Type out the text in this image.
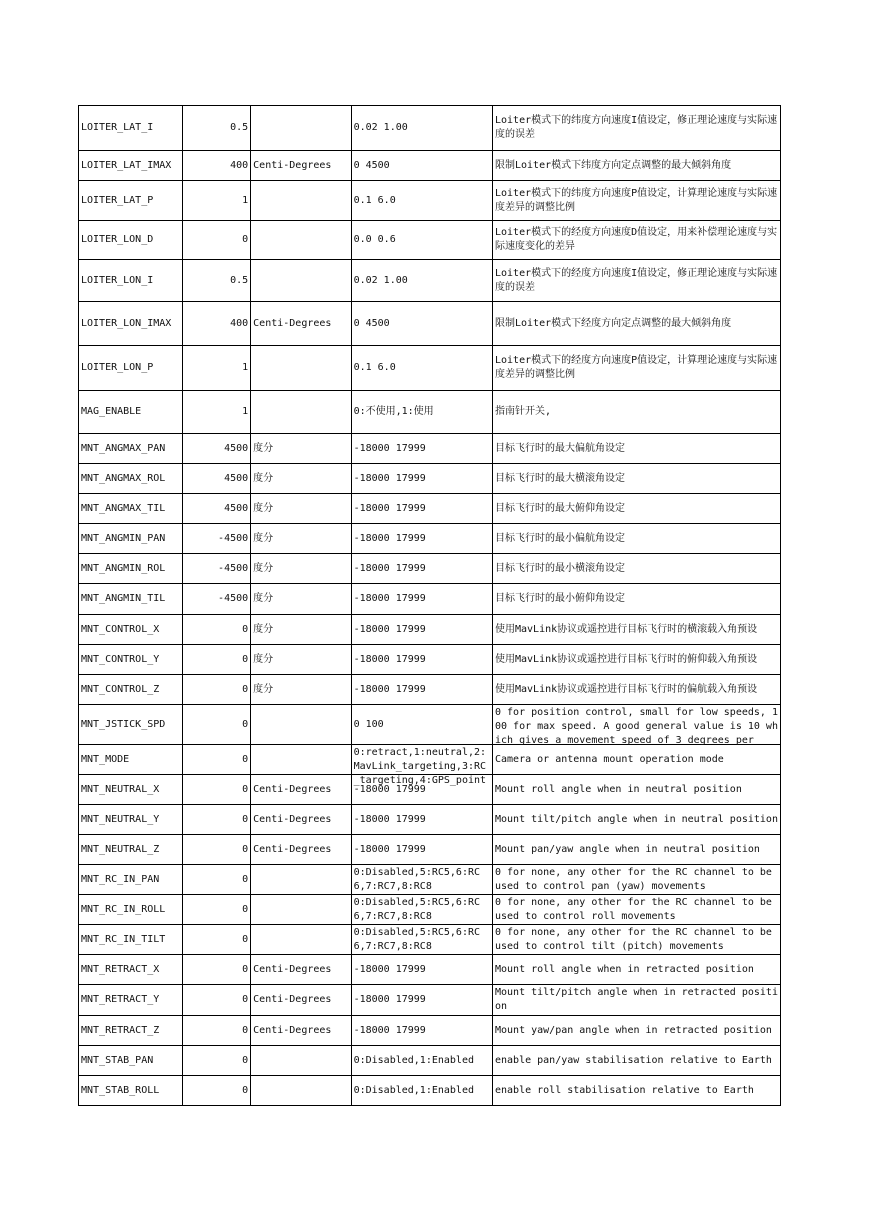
LOITER_LAT_I	0.5		0.02 1.00	Loiter模式下的纬度方向速度I值设定，修正理论速度与实际速度的误差

LOITER_LAT_IMAX	400	Centi-Degrees	0 4500	限制Loiter模式下纬度方向定点调整的最大倾斜角度

LOITER_LAT_P	1		0.1 6.0	Loiter模式下的纬度方向速度P值设定，计算理论速度与实际速度差异的调整比例

LOITER_LON_D	0		0.0 0.6	Loiter模式下的经度方向速度D值设定，用来补偿理论速度与实际速度变化的差异

LOITER_LON_I	0.5		0.02 1.00	Loiter模式下的经度方向速度I值设定，修正理论速度与实际速度的误差

LOITER_LON_IMAX	400	Centi-Degrees	0 4500	限制Loiter模式下经度方向定点调整的最大倾斜角度

LOITER_LON_P	1		0.1 6.0	Loiter模式下的经度方向速度P值设定，计算理论速度与实际速度差异的调整比例

MAG_ENABLE	1		0:不使用,1:使用	指南针开关,

MNT_ANGMAX_PAN	4500	度分	-18000 17999	目标飞行时的最大偏航角设定

MNT_ANGMAX_ROL	4500	度分	-18000 17999	目标飞行时的最大横滚角设定

MNT_ANGMAX_TIL	4500	度分	-18000 17999	目标飞行时的最大俯仰角设定

MNT_ANGMIN_PAN	-4500	度分	-18000 17999	目标飞行时的最小偏航角设定

MNT_ANGMIN_ROL	-4500	度分	-18000 17999	目标飞行时的最小横滚角设定

MNT_ANGMIN_TIL	-4500	度分	-18000 17999	目标飞行时的最小俯仰角设定

MNT_CONTROL_X	0	度分	-18000 17999	使用MavLink协议或遥控进行目标飞行时的横滚载入角预设

MNT_CONTROL_Y	0	度分	-18000 17999	使用MavLink协议或遥控进行目标飞行时的俯仰载入角预设

MNT_CONTROL_Z	0	度分	-18000 17999	使用MavLink协议或遥控进行目标飞行时的偏航载入角预设

MNT_JSTICK_SPD	0		0 100	0 for position control, small for low speeds, 100 for max speed. A good general value is 10 which gives a movement speed of 3 degrees per

MNT_MODE	0		0:retract,1:neutral,2:MavLink_targeting,3:RC_targeting,4:GPS_point	Camera or antenna mount operation mode

MNT_NEUTRAL_X	0	Centi-Degrees	-18000 17999	Mount roll angle when in neutral position

MNT_NEUTRAL_Y	0	Centi-Degrees	-18000 17999	Mount tilt/pitch angle when in neutral position

MNT_NEUTRAL_Z	0	Centi-Degrees	-18000 17999	Mount pan/yaw angle when in neutral position

MNT_RC_IN_PAN	0		0:Disabled,5:RC5,6:RC6,7:RC7,8:RC8	0 for none, any other for the RC channel to be used to control pan (yaw) movements

MNT_RC_IN_ROLL	0		0:Disabled,5:RC5,6:RC6,7:RC7,8:RC8	0 for none, any other for the RC channel to be used to control roll movements

MNT_RC_IN_TILT	0		0:Disabled,5:RC5,6:RC6,7:RC7,8:RC8	0 for none, any other for the RC channel to be used to control tilt (pitch) movements

MNT_RETRACT_X	0	Centi-Degrees	-18000 17999	Mount roll angle when in retracted position

MNT_RETRACT_Y	0	Centi-Degrees	-18000 17999	Mount tilt/pitch angle when in retracted position

MNT_RETRACT_Z	0	Centi-Degrees	-18000 17999	Mount yaw/pan angle when in retracted position

MNT_STAB_PAN	0		0:Disabled,1:Enabled	enable pan/yaw stabilisation relative to Earth

MNT_STAB_ROLL	0		0:Disabled,1:Enabled	enable roll stabilisation relative to Earth
